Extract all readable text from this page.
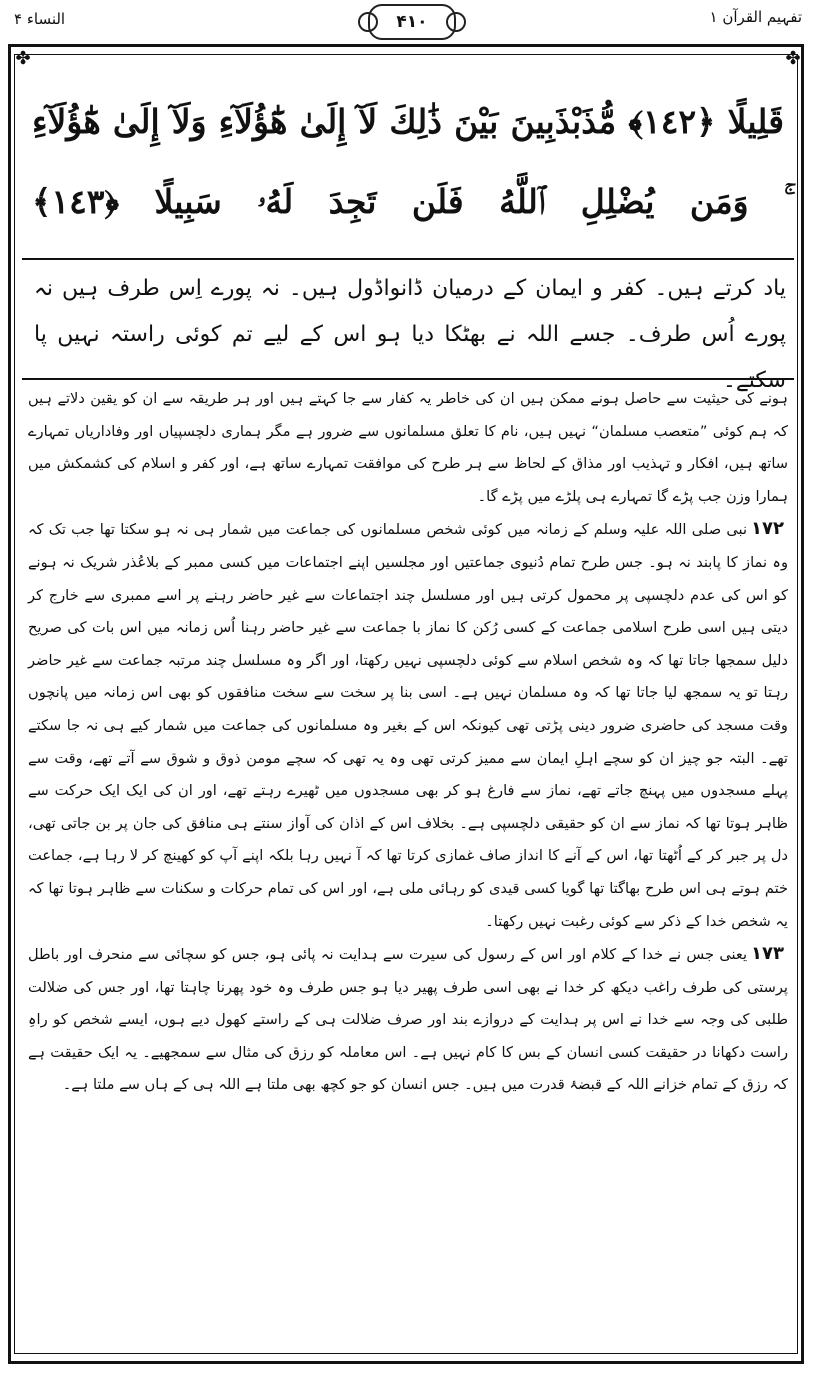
النساء ۴	۴۱۰	تفہیم القرآن ۱
✤	✤
قَلِيلًا ﴿١٤٢﴾ مُّذَبْذَبِينَ بَيْنَ ذَٰلِكَ لَآ إِلَىٰ هَٰٓؤُلَآءِ وَلَآ إِلَىٰ هَٰٓؤُلَآءِ ۚ وَمَن يُضْلِلِ ٱللَّهُ فَلَن تَجِدَ لَهُۥ سَبِيلًا ﴿١٤٣﴾
یاد کرتے ہیں۔ کفر و ایمان کے درمیان ڈانواڈول ہیں۔ نہ پورے اِس طرف ہیں نہ پورے اُس طرف۔ جسے اللہ نے بھٹکا دیا ہو اس کے لیے تم کوئی راستہ نہیں پا سکتے۔

ہونے کی حیثیت سے حاصل ہونے ممکن ہیں ان کی خاطر یہ کفار سے جا کہتے ہیں اور ہر طریقہ سے ان کو یقین دلاتے ہیں کہ ہم کوئی ”متعصب مسلمان“ نہیں ہیں، نام کا تعلق مسلمانوں سے ضرور ہے مگر ہماری دلچسپیاں اور وفاداریاں تمہارے ساتھ ہیں، افکار و تہذیب اور مذاق کے لحاظ سے ہر طرح کی موافقت تمہارے ساتھ ہے، اور کفر و اسلام کی کشمکش میں ہمارا وزن جب پڑے گا تمہارے ہی پلڑے میں پڑے گا۔

۱۷۲نبی صلی اللہ علیہ وسلم کے زمانہ میں کوئی شخص مسلمانوں کی جماعت میں شمار ہی نہ ہو سکتا تھا جب تک کہ وہ نماز کا پابند نہ ہو۔ جس طرح تمام دُنیوی جماعتیں اور مجلسیں اپنے اجتماعات میں کسی ممبر کے بلاعُذر شریک نہ ہونے کو اس کی عدم دلچسپی پر محمول کرتی ہیں اور مسلسل چند اجتماعات سے غیر حاضر رہنے پر اسے ممبری سے خارج کر دیتی ہیں اسی طرح اسلامی جماعت کے کسی رُکن کا نماز با جماعت سے غیر حاضر رہنا اُس زمانہ میں اس بات کی صریح دلیل سمجھا جاتا تھا کہ وہ شخص اسلام سے کوئی دلچسپی نہیں رکھتا، اور اگر وہ مسلسل چند مرتبہ جماعت سے غیر حاضر رہتا تو یہ سمجھ لیا جاتا تھا کہ وہ مسلمان نہیں ہے۔ اسی بنا پر سخت سے سخت منافقوں کو بھی اس زمانہ میں پانچوں وقت مسجد کی حاضری ضرور دینی پڑتی تھی کیونکہ اس کے بغیر وہ مسلمانوں کی جماعت میں شمار کیے ہی نہ جا سکتے تھے۔ البتہ جو چیز ان کو سچے اہلِ ایمان سے ممیز کرتی تھی وہ یہ تھی کہ سچے مومن ذوق و شوق سے آتے تھے، وقت سے پہلے مسجدوں میں پہنچ جاتے تھے، نماز سے فارغ ہو کر بھی مسجدوں میں ٹھیرے رہتے تھے، اور ان کی ایک ایک حرکت سے ظاہر ہوتا تھا کہ نماز سے ان کو حقیقی دلچسپی ہے۔ بخلاف اس کے اذان کی آواز سنتے ہی منافق کی جان پر بن جاتی تھی، دل پر جبر کر کے اُٹھتا تھا، اس کے آنے کا انداز صاف غمازی کرتا تھا کہ آ نہیں رہا بلکہ اپنے آپ کو کھینچ کر لا رہا ہے، جماعت ختم ہوتے ہی اس طرح بھاگتا تھا گویا کسی قیدی کو رہائی ملی ہے، اور اس کی تمام حرکات و سکنات سے ظاہر ہوتا تھا کہ یہ شخص خدا کے ذکر سے کوئی رغبت نہیں رکھتا۔

۱۷۳یعنی جس نے خدا کے کلام اور اس کے رسول کی سیرت سے ہدایت نہ پائی ہو، جس کو سچائی سے منحرف اور باطل پرستی کی طرف راغب دیکھ کر خدا نے بھی اسی طرف پھیر دیا ہو جس طرف وہ خود پھرنا چاہتا تھا، اور جس کی ضلالت طلبی کی وجہ سے خدا نے اس پر ہدایت کے دروازے بند اور صرف ضلالت ہی کے راستے کھول دیے ہوں، ایسے شخص کو راہِ راست دکھانا در حقیقت کسی انسان کے بس کا کام نہیں ہے۔ اس معاملہ کو رزق کی مثال سے سمجھیے۔ یہ ایک حقیقت ہے کہ رزق کے تمام خزانے اللہ کے قبضۂ قدرت میں ہیں۔ جس انسان کو جو کچھ بھی ملتا ہے اللہ ہی کے ہاں سے ملتا ہے۔
